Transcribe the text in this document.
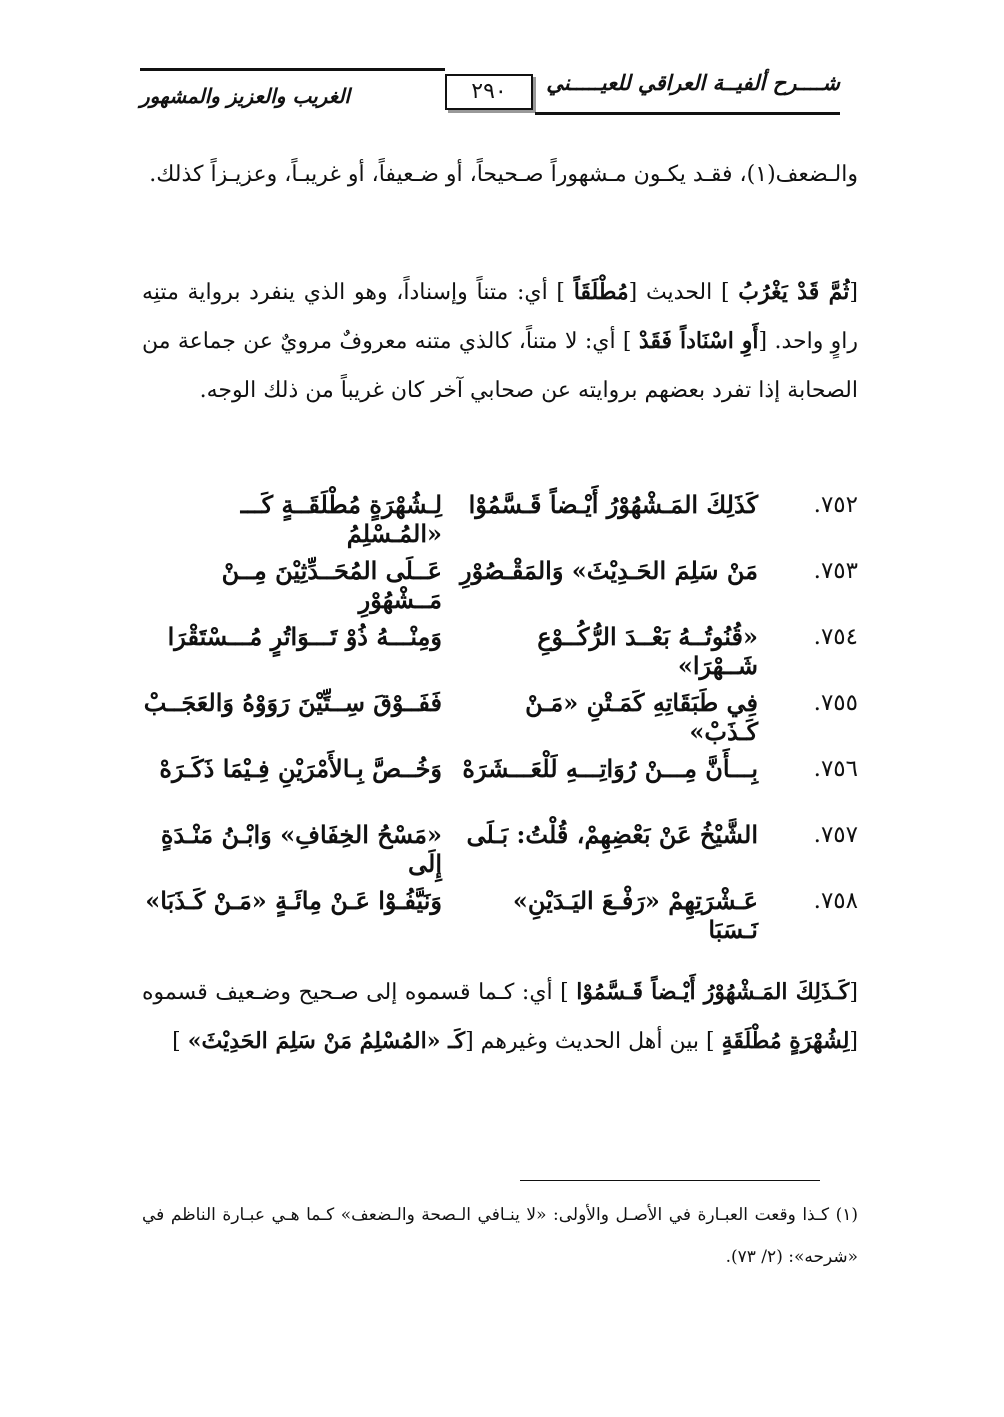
شــــرح ألفيــة العراقي للعيـــــني
٢٩٠
الغريب والعزيز والمشهور
والـضعف(١)، فقـد يكـون مـشهوراً صـحيحاً، أو ضـعيفاً، أو غريبـاً، وعزيـزاً كذلك.
[ثُمَّ قَدْ يَغْرُبُ ] الحديث [مُطْلَقَاً ] أي: متناً وإسناداً، وهو الذي ينفرد برواية متنِه راوٍ واحد. [أَوِ اسْنَاداً فَقَدْ ] أي: لا متناً، كالذي متنه معروفٌ مرويٌ عن جماعة من الصحابة إذا تفرد بعضهم بروايته عن صحابي آخر كان غريباً من ذلك الوجه.
٧٥٢.
كَذَلِكَ المَـشْهُوْرُ أَيْـضاً قَـسَّمُوْا
لِـشُهْرَةٍ مُطْلَقَــةٍ كَـــ «المُـسْلِمُ
٧٥٣.
مَنْ سَلِمَ الحَـدِيْثَ» وَالمَقْـصُوْرِ
عَــلَى المُحَــدِّثِيْنَ مِــنْ مَــشْهُوْرِ
٧٥٤.
«قُنُوتُــهُ بَعْــدَ الرُّكُــوْعِ شَــهْرَا»
وَمِنْـــهُ ذُوْ تَـــوَاتُرٍ مُـــسْتَقْرَا
٧٥٥.
فِي طَبَقَاتِهِ كَمَـتْنِ «مَـنْ كَـذَبْ»
فَفَــوْقَ سِــتِّيْنَ رَوَوْهُ وَالعَجَــبْ
٧٥٦.
بِـــأَنَّ مِـــنْ رُوَاتِـــهِ لَلْعَـــشَرَهْ
وَخُــصَّ بِـالأَمْرَيْنِ فِـيْمَا ذَكَـرَهْ
٧٥٧.
الشَّيْخُ عَنْ بَعْضِهِمْ، قُلْتُ: بَـلَى
«مَسْحُ الخِفَافِ» وَابْـنُ مَنْـدَةٍ إِلَى
٧٥٨.
عَـشْرَتِهِمْ «رَفْـعَ اليَـدَيْنِ» نَـسَبَا
وَنَيَّفُـوْا عَـنْ مِائَـةٍ «مَـنْ كَـذَبَا»
[كَـذَلِكَ المَـشْهُوْرُ أَيْـضاً قَـسَّمُوْا ] أي: كـما قسموه إلى صـحيح وضـعيف قسموه [لِشُهْرَةٍ مُطْلَقَةٍ ] بين أهل الحديث وغيرهم [كَـ «المُسْلِمُ مَنْ سَلِمَ الحَدِيْثَ» ]
(١) كـذا وقعت العبـارة في الأصـل والأولى: «لا ينـافي الـصحة والـضعف» كـما هـي عبـارة الناظم في «شرحه»: (٢/ ٧٣).
